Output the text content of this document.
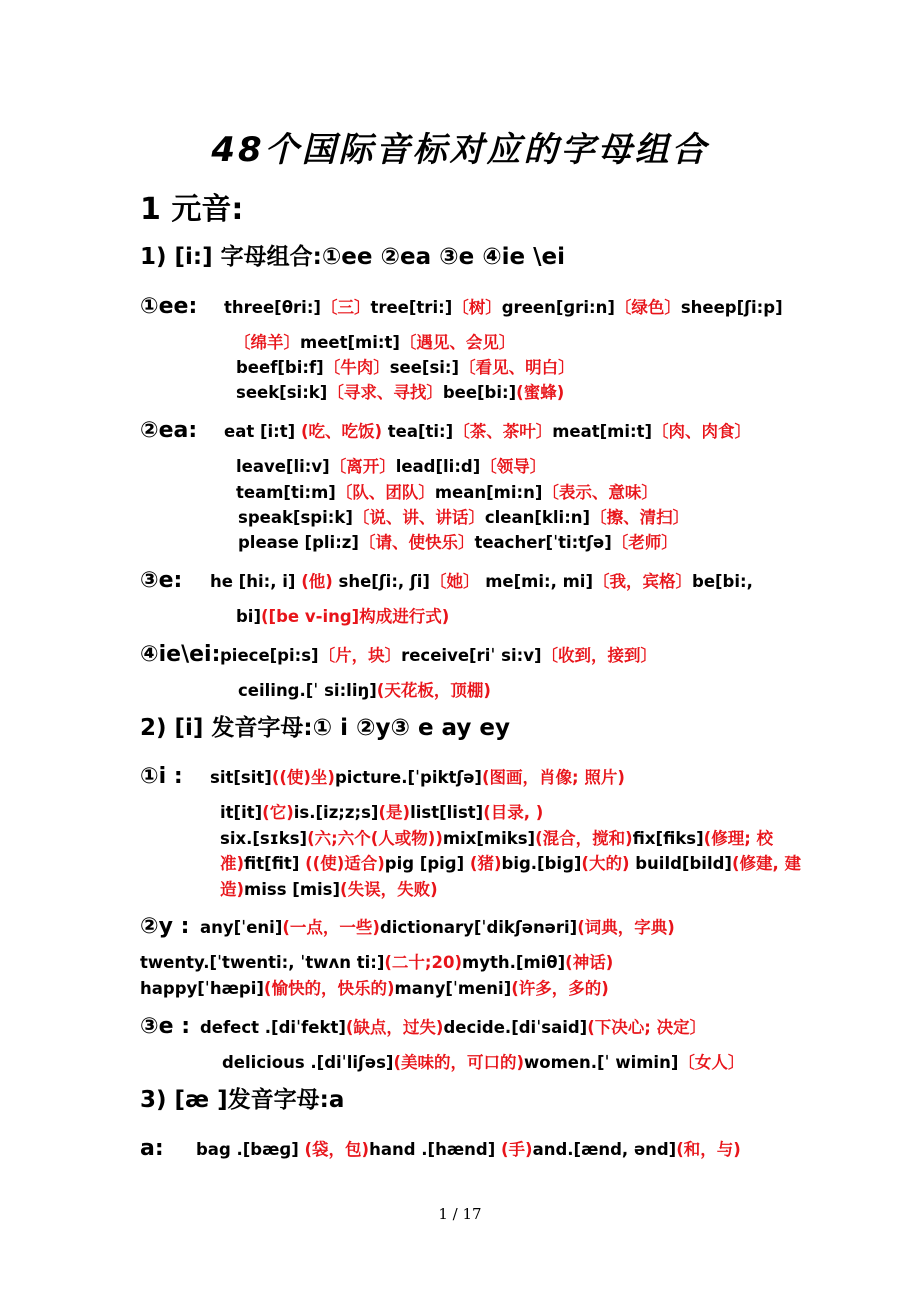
48个国际音标对应的字母组合
1 元音:
1) [i:] 字母组合:①ee ②ea ③e ④ie \ei
①ee: three[θri:]〔三〕tree[tri:]〔树〕green[ɡri:n]〔绿色〕sheep[ʃi:p]
〔绵羊〕meet[mi:t]〔遇见、会见〕
beef[bi:f]〔牛肉〕see[si:]〔看见、明白〕
seek[si:k]〔寻求、寻找〕bee[bi:](蜜蜂)
②ea: eat [i:t] (吃、吃饭) tea[ti:]〔茶、茶叶〕meat[mi:t]〔肉、肉食〕
leave[li:v]〔离开〕lead[li:d]〔领导〕
team[ti:m]〔队、团队〕mean[mi:n]〔表示、意味〕
speak[spi:k]〔说、讲、讲话〕clean[kli:n]〔擦、清扫〕
please [pli:z]〔请、使快乐〕teacher[ˈti:tʃə]〔老师〕
③e: he [hi:, i] (他) she[ʃi:, ʃi]〔她〕 me[mi:, mi]〔我，宾格〕be[bi:,
bi]([be v-ing]构成进行式)
④ie\ei: piece[pi:s]〔片，块〕receive[riˈ si:v]〔收到，接到〕
ceiling.[ˈ si:liŋ](天花板，顶棚)
2) [i] 发音字母:① i ②y③ e ay ey
①i : sit[sit]((使)坐)picture.[ˈpiktʃə](图画，肖像; 照片)
it[it](它)is.[iz;z;s](是)list[list](目录, )
six.[sɪks](六;六个(人或物))mix[miks](混合，搅和)fix[fiks](修理; 校
准)fit[fit] ((使)适合)pig [piɡ] (猪)big.[biɡ](大的) build[bild](修建, 建
造)miss [mis](失误，失败)
②y : any[ˈeni](一点，一些)dictionary[ˈdikʃənəri](词典，字典)
twenty.[ˈtwenti:, ˈtwʌn ti:](二十;20)myth.[miθ](神话)
happy[ˈhæpi](愉快的，快乐的)many[ˈmeni](许多，多的)
③e : defect .[diˈfekt](缺点，过失)decide.[diˈsaid](下决心; 决定〕
delicious .[diˈliʃəs](美味的，可口的)women.[ˈ wimin]〔女人〕
3) [æ ]发音字母:a
a: bag .[bæɡ] (袋，包)hand .[hænd] (手)and.[ænd, ənd](和，与)
1 / 17
